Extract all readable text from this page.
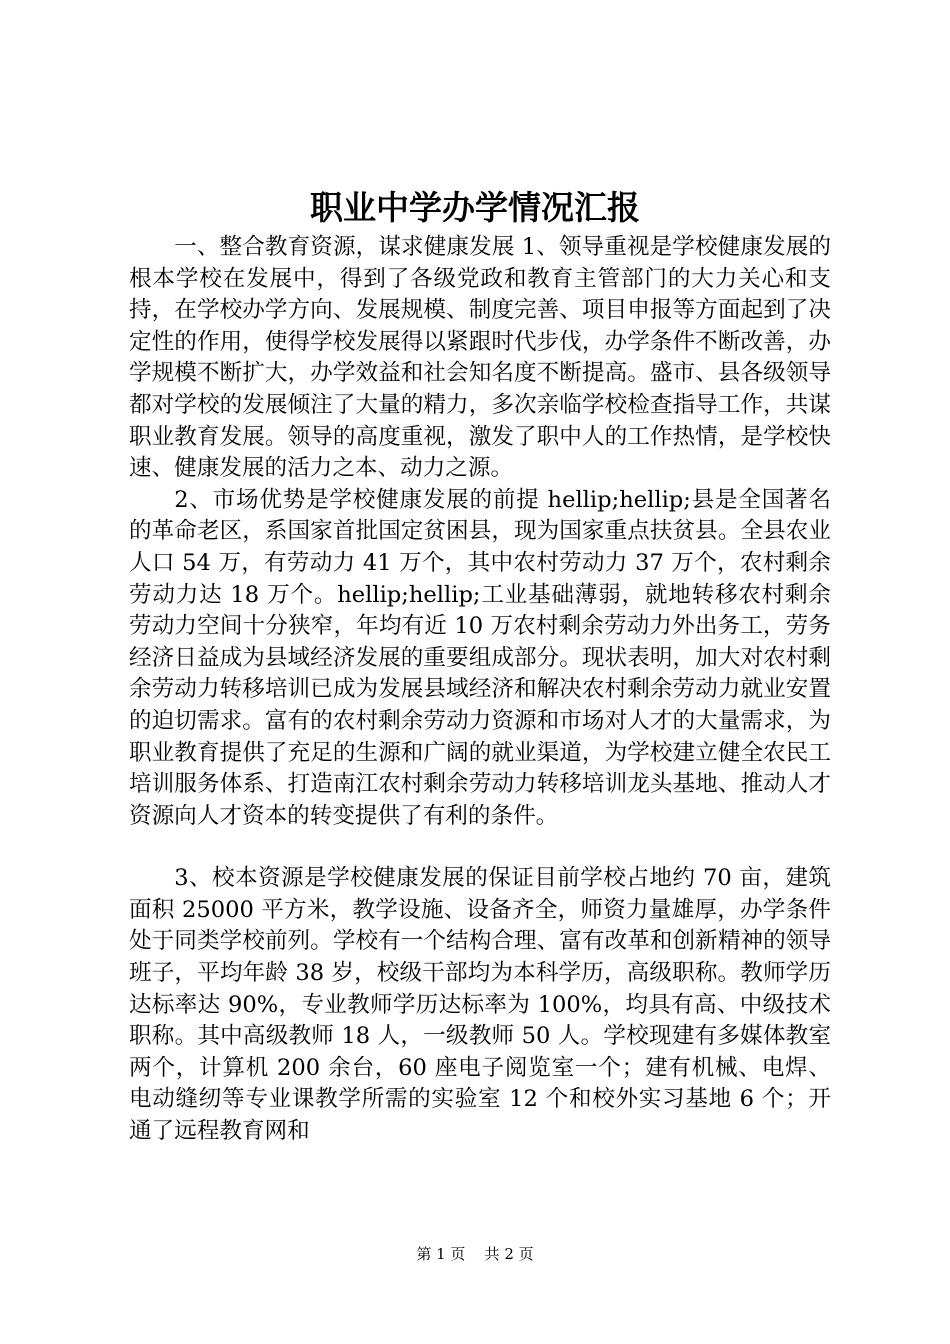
职业中学办学情况汇报

一、整合教育资源，谋求健康发展 1、领导重视是学校健康发展的根本学校在发展中，得到了各级党政和教育主管部门的大力关心和支持，在学校办学方向、发展规模、制度完善、项目申报等方面起到了决定性的作用，使得学校发展得以紧跟时代步伐，办学条件不断改善，办学规模不断扩大，办学效益和社会知名度不断提高。盛市、县各级领导都对学校的发展倾注了大量的精力，多次亲临学校检查指导工作，共谋职业教育发展。领导的高度重视，激发了职中人的工作热情，是学校快速、健康发展的活力之本、动力之源。

2、市场优势是学校健康发展的前提 hellip;hellip;县是全国著名的革命老区，系国家首批国定贫困县，现为国家重点扶贫县。全县农业人口 54 万，有劳动力 41 万个，其中农村劳动力 37 万个，农村剩余劳动力达 18 万个。hellip;hellip;工业基础薄弱，就地转移农村剩余劳动力空间十分狭窄，年均有近 10 万农村剩余劳动力外出务工，劳务经济日益成为县域经济发展的重要组成部分。现状表明，加大对农村剩余劳动力转移培训已成为发展县域经济和解决农村剩余劳动力就业安置的迫切需求。富有的农村剩余劳动力资源和市场对人才的大量需求，为职业教育提供了充足的生源和广阔的就业渠道，为学校建立健全农民工培训服务体系、打造南江农村剩余劳动力转移培训龙头基地、推动人才资源向人才资本的转变提供了有利的条件。

3、校本资源是学校健康发展的保证目前学校占地约 70 亩，建筑面积 25000 平方米，教学设施、设备齐全，师资力量雄厚，办学条件处于同类学校前列。学校有一个结构合理、富有改革和创新精神的领导班子，平均年龄 38 岁，校级干部均为本科学历，高级职称。教师学历达标率达 90%，专业教师学历达标率为 100%，均具有高、中级技术职称。其中高级教师 18 人，一级教师 50 人。学校现建有多媒体教室两个，计算机 200 余台，60 座电子阅览室一个；建有机械、电焊、电动缝纫等专业课教学所需的实验室 12 个和校外实习基地 6 个；开通了远程教育网和

第 1 页 共 2 页
